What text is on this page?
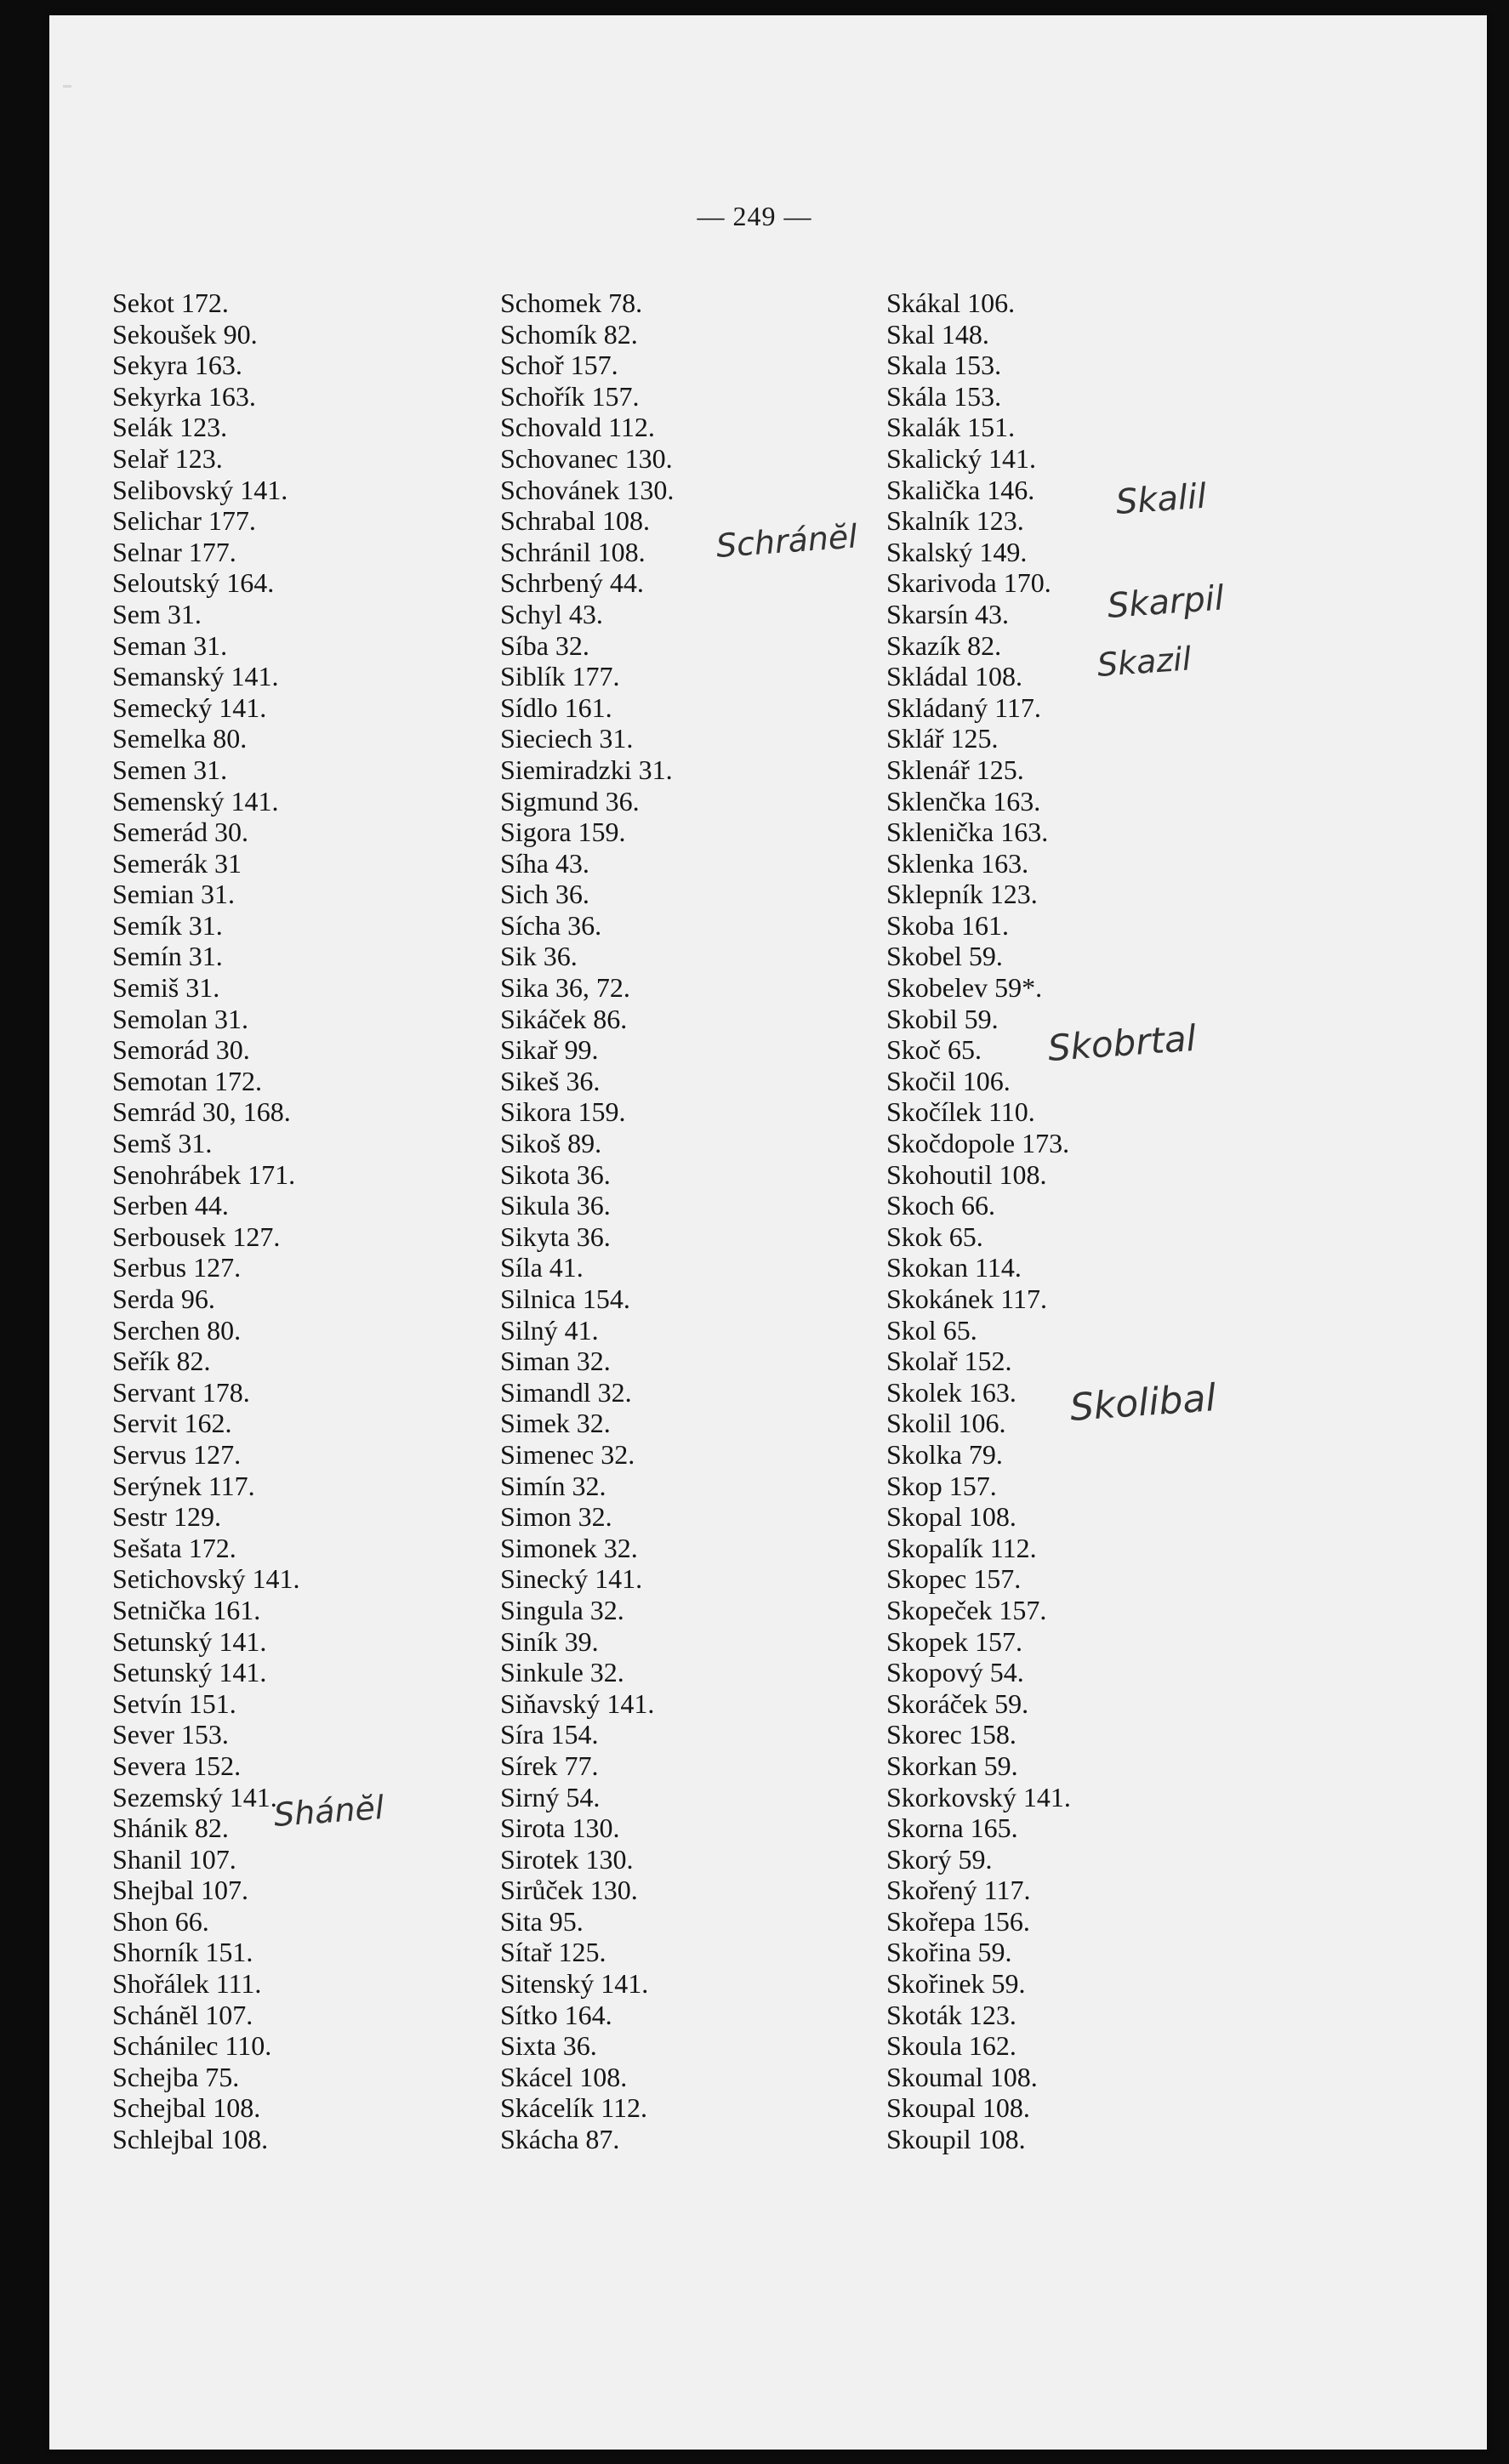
— 249 —
Sekot 172.
Sekoušek 90.
Sekyra 163.
Sekyrka 163.
Selák 123.
Selař 123.
Selibovský 141.
Selichar 177.
Selnar 177.
Seloutský 164.
Sem 31.
Seman 31.
Semanský 141.
Semecký 141.
Semelka 80.
Semen 31.
Semenský 141.
Semerád 30.
Semerák 31
Semian 31.
Semík 31.
Semín 31.
Semiš 31.
Semolan 31.
Semorád 30.
Semotan 172.
Semrád 30, 168.
Semš 31.
Senohrábek 171.
Serben 44.
Serbousek 127.
Serbus 127.
Serda 96.
Serchen 80.
Seřík 82.
Servant 178.
Servit 162.
Servus 127.
Serýnek 117.
Sestr 129.
Sešata 172.
Setichovský 141.
Setnička 161.
Setunský 141.
Setunský 141.
Setvín 151.
Sever 153.
Severa 152.
Sezemský 141.
Shánik 82.
Shanil 107.
Shejbal 107.
Shon 66.
Shorník 151.
Shořálek 111.
Schánĕl 107.
Schánilec 110.
Schejba 75.
Schejbal 108.
Schlejbal 108.
Schomek 78.
Schomík 82.
Schoř 157.
Schořík 157.
Schovald 112.
Schovanec 130.
Schovánek 130.
Schrabal 108.
Schránil 108.
Schrbený 44.
Schyl 43.
Síba 32.
Siblík 177.
Sídlo 161.
Sieciech 31.
Siemiradzki 31.
Sigmund 36.
Sigora 159.
Síha 43.
Sich 36.
Sícha 36.
Sik 36.
Sika 36, 72.
Sikáček 86.
Sikař 99.
Sikeš 36.
Sikora 159.
Sikoš 89.
Sikota 36.
Sikula 36.
Sikyta 36.
Síla 41.
Silnica 154.
Silný 41.
Siman 32.
Simandl 32.
Simek 32.
Simenec 32.
Simín 32.
Simon 32.
Simonek 32.
Sinecký 141.
Singula 32.
Siník 39.
Sinkule 32.
Siňavský 141.
Síra 154.
Sírek 77.
Sirný 54.
Sirota 130.
Sirotek 130.
Sirůček 130.
Sita 95.
Sítař 125.
Sitenský 141.
Sítko 164.
Sixta 36.
Skácel 108.
Skácelík 112.
Skácha 87.
Skákal 106.
Skal 148.
Skala 153.
Skála 153.
Skalák 151.
Skalický 141.
Skalička 146.
Skalník 123.
Skalský 149.
Skarivoda 170.
Skarsín 43.
Skazík 82.
Skládal 108.
Skládaný 117.
Sklář 125.
Sklenář 125.
Sklenčka 163.
Sklenička 163.
Sklenka 163.
Sklepník 123.
Skoba 161.
Skobel 59.
Skobelev 59*.
Skobil 59.
Skoč 65.
Skočil 106.
Skočílek 110.
Skočdopole 173.
Skohoutil 108.
Skoch 66.
Skok 65.
Skokan 114.
Skokánek 117.
Skol 65.
Skolař 152.
Skolek 163.
Skolil 106.
Skolka 79.
Skop 157.
Skopal 108.
Skopalík 112.
Skopec 157.
Skopeček 157.
Skopek 157.
Skopový 54.
Skoráček 59.
Skorec 158.
Skorkan 59.
Skorkovský 141.
Skorna 165.
Skorý 59.
Skořený 117.
Skořepa 156.
Skořina 59.
Skořinek 59.
Skoták 123.
Skoula 162.
Skoumal 108.
Skoupal 108.
Skoupil 108.
Shánĕl
Schránĕl
Skalil
Skarpil
Skazil
Skobrtal
Skolibal
